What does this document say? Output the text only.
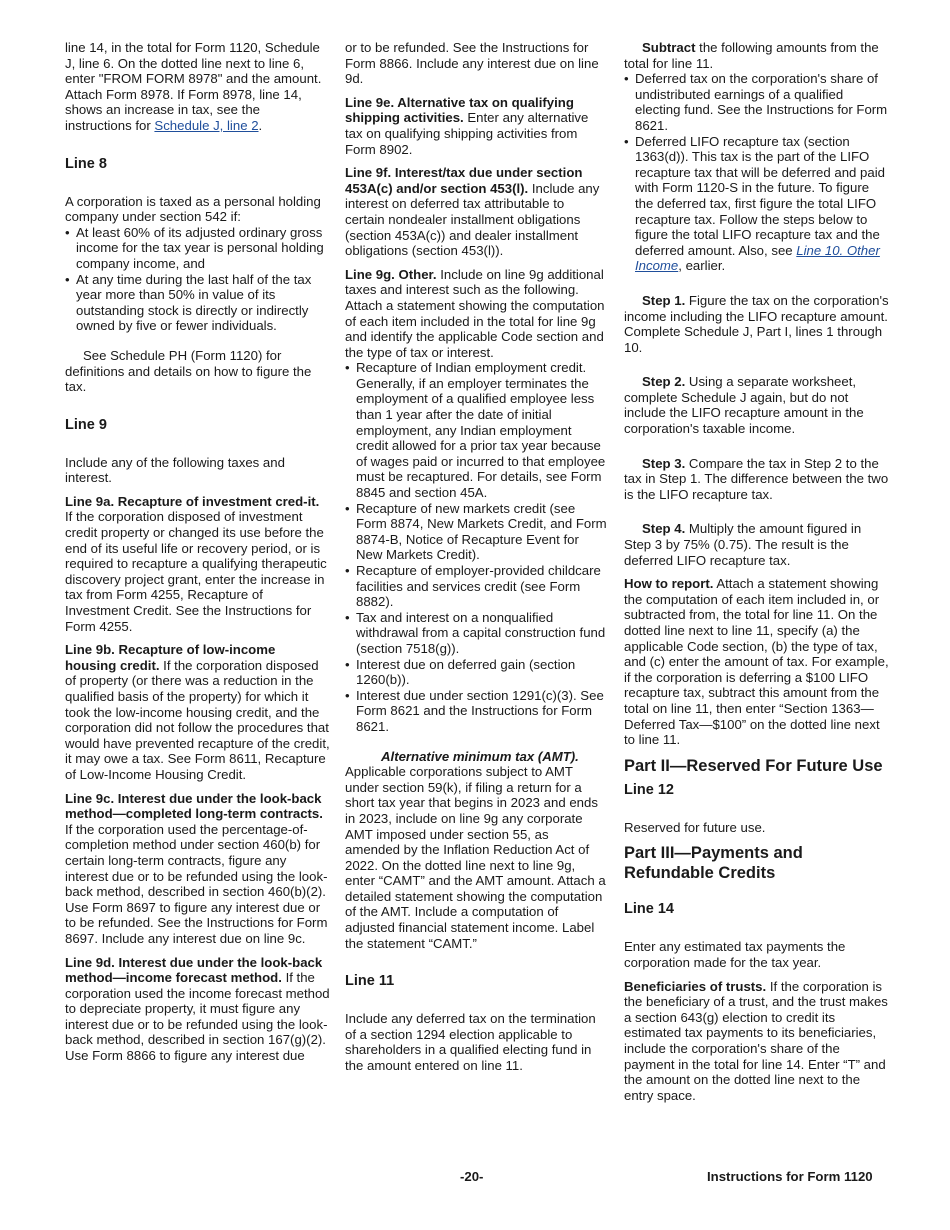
line 14, in the total for Form 1120, Schedule J, line 6. On the dotted line next to line 6, enter "FROM FORM 8978" and the amount. Attach Form 8978. If Form 8978, line 14, shows an increase in tax, see the instructions for Schedule J, line 2.

Line 8

A corporation is taxed as a personal holding company under section 542 if:

• At least 60% of its adjusted ordinary gross income for the tax year is personal holding company income, and

• At any time during the last half of the tax year more than 50% in value of its outstanding stock is directly or indirectly owned by five or fewer individuals.

See Schedule PH (Form 1120) for definitions and details on how to figure the tax.

Line 9

Include any of the following taxes and interest.

Line 9a. Recapture of investment cred-it. If the corporation disposed of investment credit property or changed its use before the end of its useful life or recovery period, or is required to recapture a qualifying therapeutic discovery project grant, enter the increase in tax from Form 4255, Recapture of Investment Credit. See the Instructions for Form 4255.

Line 9b. Recapture of low-income housing credit. If the corporation disposed of property (or there was a reduction in the qualified basis of the property) for which it took the low-income housing credit, and the corporation did not follow the procedures that would have prevented recapture of the credit, it may owe a tax. See Form 8611, Recapture of Low-Income Housing Credit.

Line 9c. Interest due under the look-back method—completed long-term contracts. If the corporation used the percentage-of-completion method under section 460(b) for certain long-term contracts, figure any interest due or to be refunded using the look-back method, described in section 460(b)(2). Use Form 8697 to figure any interest due or to be refunded. See the Instructions for Form 8697. Include any interest due on line 9c.

Line 9d. Interest due under the look-back method—income forecast method. If the corporation used the income forecast method to depreciate property, it must figure any interest due or to be refunded using the look-back method, described in section 167(g)(2). Use Form 8866 to figure any interest due

or to be refunded. See the Instructions for Form 8866. Include any interest due on line 9d.

Line 9e. Alternative tax on qualifying shipping activities. Enter any alternative tax on qualifying shipping activities from Form 8902.

Line 9f. Interest/tax due under section 453A(c) and/or section 453(l). Include any interest on deferred tax attributable to certain nondealer installment obligations (section 453A(c)) and dealer installment obligations (section 453(l)).

Line 9g. Other. Include on line 9g additional taxes and interest such as the following. Attach a statement showing the computation of each item included in the total for line 9g and identify the applicable Code section and the type of tax or interest.

• Recapture of Indian employment credit. Generally, if an employer terminates the employment of a qualified employee less than 1 year after the date of initial employment, any Indian employment credit allowed for a prior tax year because of wages paid or incurred to that employee must be recaptured. For details, see Form 8845 and section 45A.

• Recapture of new markets credit (see Form 8874, New Markets Credit, and Form 8874-B, Notice of Recapture Event for New Markets Credit).

• Recapture of employer-provided childcare facilities and services credit (see Form 8882).

• Tax and interest on a nonqualified withdrawal from a capital construction fund (section 7518(g)).

• Interest due on deferred gain (section 1260(b)).

• Interest due under section 1291(c)(3). See Form 8621 and the Instructions for Form 8621.

Alternative minimum tax (AMT). Applicable corporations subject to AMT under section 59(k), if filing a return for a short tax year that begins in 2023 and ends in 2023, include on line 9g any corporate AMT imposed under section 55, as amended by the Inflation Reduction Act of 2022. On the dotted line next to line 9g, enter “CAMT” and the AMT amount. Attach a detailed statement showing the computation of the AMT. Include a computation of adjusted financial statement income. Label the statement “CAMT.”

Line 11

Include any deferred tax on the termination of a section 1294 election applicable to shareholders in a qualified electing fund in the amount entered on line 11.

Subtract the following amounts from the total for line 11.

• Deferred tax on the corporation's share of undistributed earnings of a qualified electing fund. See the Instructions for Form 8621.

• Deferred LIFO recapture tax (section 1363(d)). This tax is the part of the LIFO recapture tax that will be deferred and paid with Form 1120-S in the future. To figure the deferred tax, first figure the total LIFO recapture tax. Follow the steps below to figure the total LIFO recapture tax and the deferred amount. Also, see Line 10. Other Income, earlier.

Step 1. Figure the tax on the corporation's income including the LIFO recapture amount. Complete Schedule J, Part I, lines 1 through 10.

Step 2. Using a separate worksheet, complete Schedule J again, but do not include the LIFO recapture amount in the corporation's taxable income.

Step 3. Compare the tax in Step 2 to the tax in Step 1. The difference between the two is the LIFO recapture tax.

Step 4. Multiply the amount figured in Step 3 by 75% (0.75). The result is the deferred LIFO recapture tax.

How to report. Attach a statement showing the computation of each item included in, or subtracted from, the total for line 11. On the dotted line next to line 11, specify (a) the applicable Code section, (b) the type of tax, and (c) enter the amount of tax. For example, if the corporation is deferring a $100 LIFO recapture tax, subtract this amount from the total on line 11, then enter “Section 1363—Deferred Tax—$100” on the dotted line next to line 11.

Part II—Reserved For Future Use
Line 12

Reserved for future use.

Part III—Payments and Refundable Credits
Line 14

Enter any estimated tax payments the corporation made for the tax year.

Beneficiaries of trusts. If the corporation is the beneficiary of a trust, and the trust makes a section 643(g) election to credit its estimated tax payments to its beneficiaries, include the corporation's share of the payment in the total for line 14. Enter “T” and the amount on the dotted line next to the entry space.

-20-	Instructions for Form 1120
